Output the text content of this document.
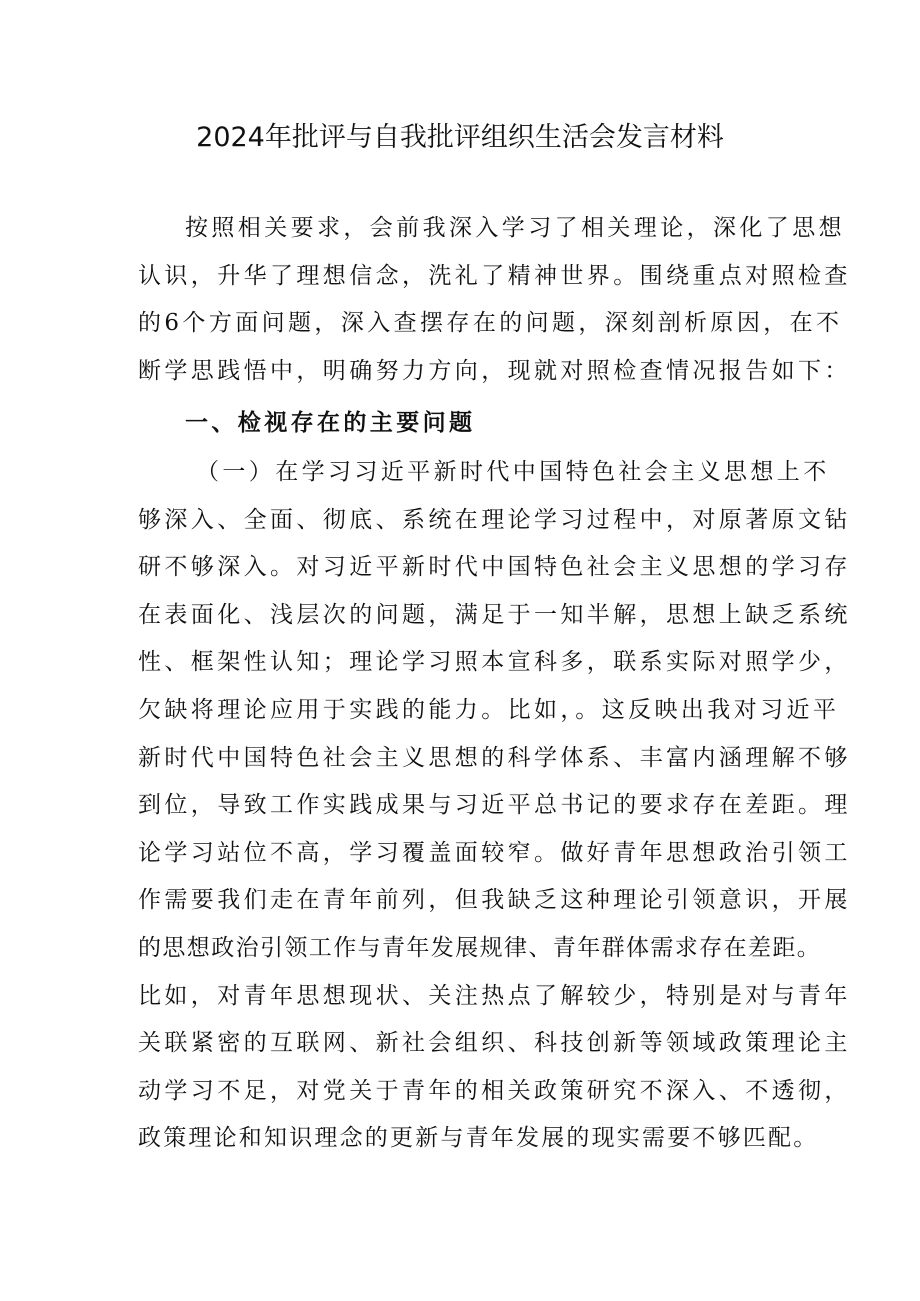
2024年批评与自我批评组织生活会发言材料
按照相关要求，会前我深入学习了相关理论，深化了思想
认识，升华了理想信念，洗礼了精神世界。围绕重点对照检查
的6个方面问题，深入查摆存在的问题，深刻剖析原因，在不
断学思践悟中，明确努力方向，现就对照检查情况报告如下：
一、检视存在的主要问题
（一）在学习习近平新时代中国特色社会主义思想上不
够深入、全面、彻底、系统在理论学习过程中，对原著原文钻
研不够深入。对习近平新时代中国特色社会主义思想的学习存
在表面化、浅层次的问题，满足于一知半解，思想上缺乏系统
性、框架性认知；理论学习照本宣科多，联系实际对照学少，
欠缺将理论应用于实践的能力。比如，。这反映出我对习近平
新时代中国特色社会主义思想的科学体系、丰富内涵理解不够
到位，导致工作实践成果与习近平总书记的要求存在差距。理
论学习站位不高，学习覆盖面较窄。做好青年思想政治引领工
作需要我们走在青年前列，但我缺乏这种理论引领意识，开展
的思想政治引领工作与青年发展规律、青年群体需求存在差距。
比如，对青年思想现状、关注热点了解较少，特别是对与青年
关联紧密的互联网、新社会组织、科技创新等领域政策理论主
动学习不足，对党关于青年的相关政策研究不深入、不透彻，
政策理论和知识理念的更新与青年发展的现实需要不够匹配。
